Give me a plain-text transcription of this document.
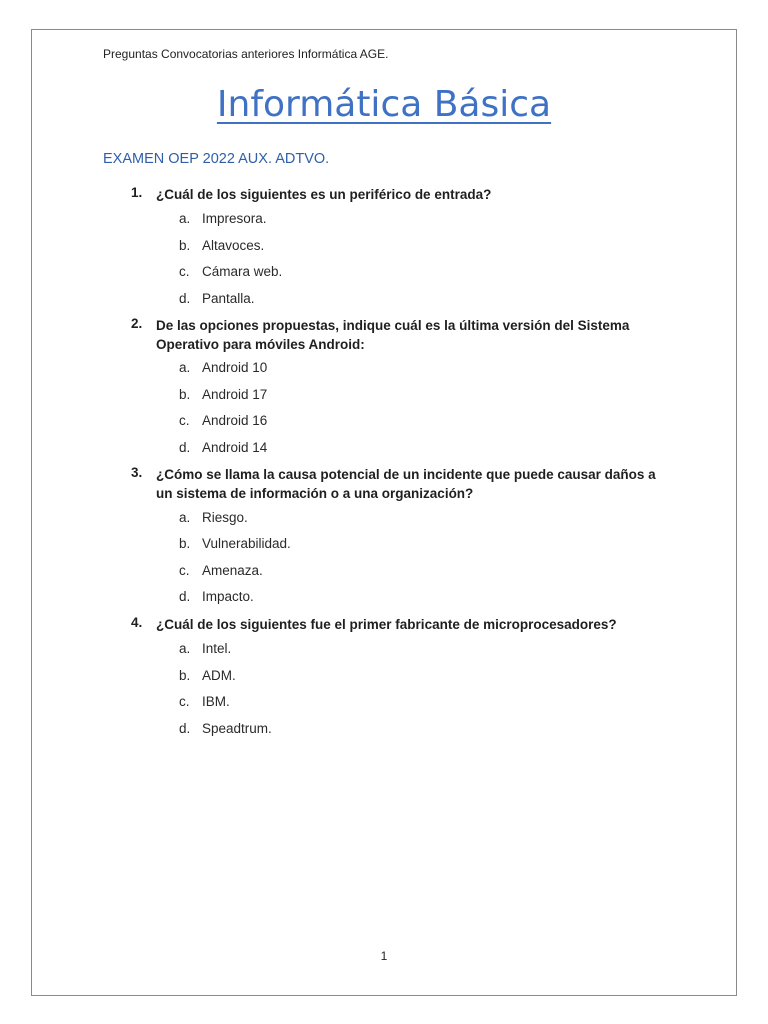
Preguntas Convocatorias anteriores Informática AGE.
Informática Básica
EXAMEN OEP 2022 AUX. ADTVO.
1. ¿Cuál de los siguientes es un periférico de entrada?
a. Impresora.
b. Altavoces.
c. Cámara web.
d. Pantalla.
2. De las opciones propuestas, indique cuál es la última versión del Sistema Operativo para móviles Android:
a. Android 10
b. Android 17
c. Android 16
d. Android 14
3. ¿Cómo se llama la causa potencial de un incidente que puede causar daños a un sistema de información o a una organización?
a. Riesgo.
b. Vulnerabilidad.
c. Amenaza.
d. Impacto.
4. ¿Cuál de los siguientes fue el primer fabricante de microprocesadores?
a. Intel.
b. ADM.
c. IBM.
d. Speadtrum.
1
